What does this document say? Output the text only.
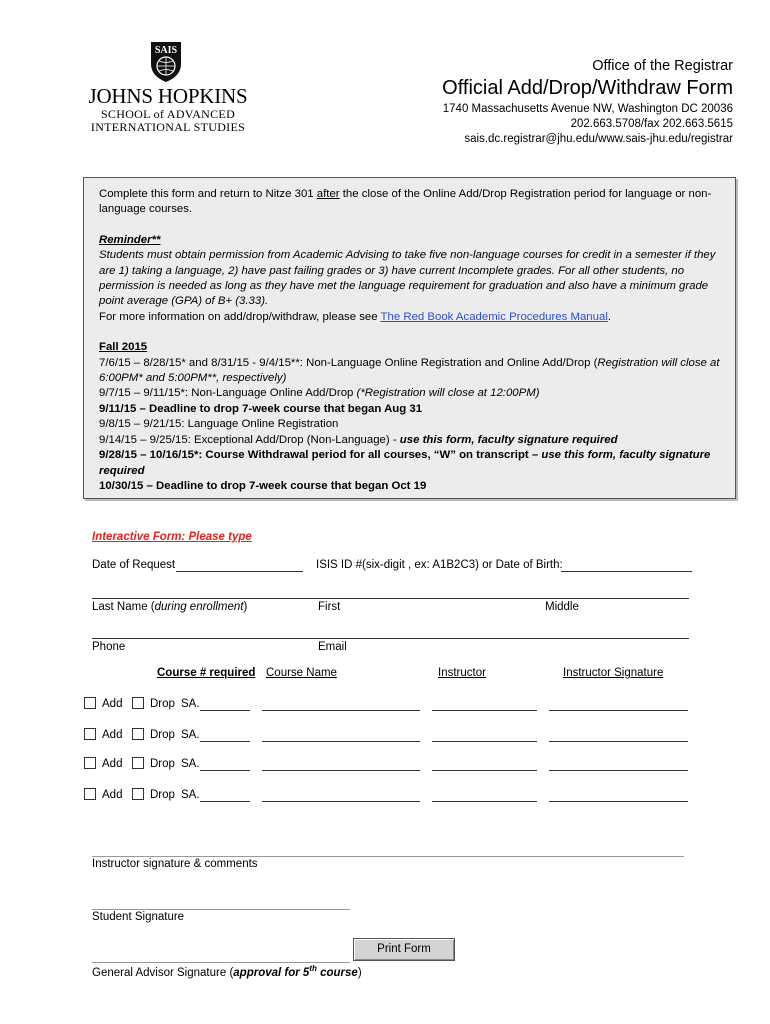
SAIS
JOHNS HOPKINS
SCHOOL of ADVANCED
INTERNATIONAL STUDIES
Office of the Registrar
Official Add/Drop/Withdraw Form
1740 Massachusetts Avenue NW, Washington DC 20036
202.663.5708/fax 202.663.5615
sais.dc.registrar@jhu.edu/www.sais-jhu.edu/registrar

Complete this form and return to Nitze 301 after the close of the Online Add/Drop Registration period for language or non-language courses.

Reminder**

Students must obtain permission from Academic Advising to take five non-language courses for credit in a semester if they are 1) taking a language, 2) have past failing grades or 3) have current Incomplete grades. For all other students, no permission is needed as long as they have met the language requirement for graduation and also have a minimum grade point average (GPA) of B+ (3.33).

For more information on add/drop/withdraw, please see The Red Book Academic Procedures Manual.

Fall 2015

7/6/15 – 8/28/15* and 8/31/15 - 9/4/15**: Non-Language Online Registration and Online Add/Drop (Registration will close at 6:00PM* and 5:00PM**, respectively)

9/7/15 – 9/11/15*: Non-Language Online Add/Drop (*Registration will close at 12:00PM)

9/11/15 – Deadline to drop 7-week course that began Aug 31

9/8/15 – 9/21/15: Language Online Registration

9/14/15 – 9/25/15: Exceptional Add/Drop (Non-Language) - use this form, faculty signature required

9/28/15 – 10/16/15*: Course Withdrawal period for all courses, “W” on transcript – use this form, faculty signature required

10/30/15 – Deadline to drop 7-week course that began Oct 19

Interactive Form: Please type
Date of Request	ISIS ID #(six-digit , ex: A1B2C3) or Date of Birth:
Last Name (during enrollment)	First	Middle
Phone	Email
Course # required Course Name	Instructor	Instructor Signature
Add Drop SA.
Add Drop SA.
Add Drop SA.
Add Drop SA.
Instructor signature & comments
Student Signature
Print Form
General Advisor Signature (approval for 5th course)
